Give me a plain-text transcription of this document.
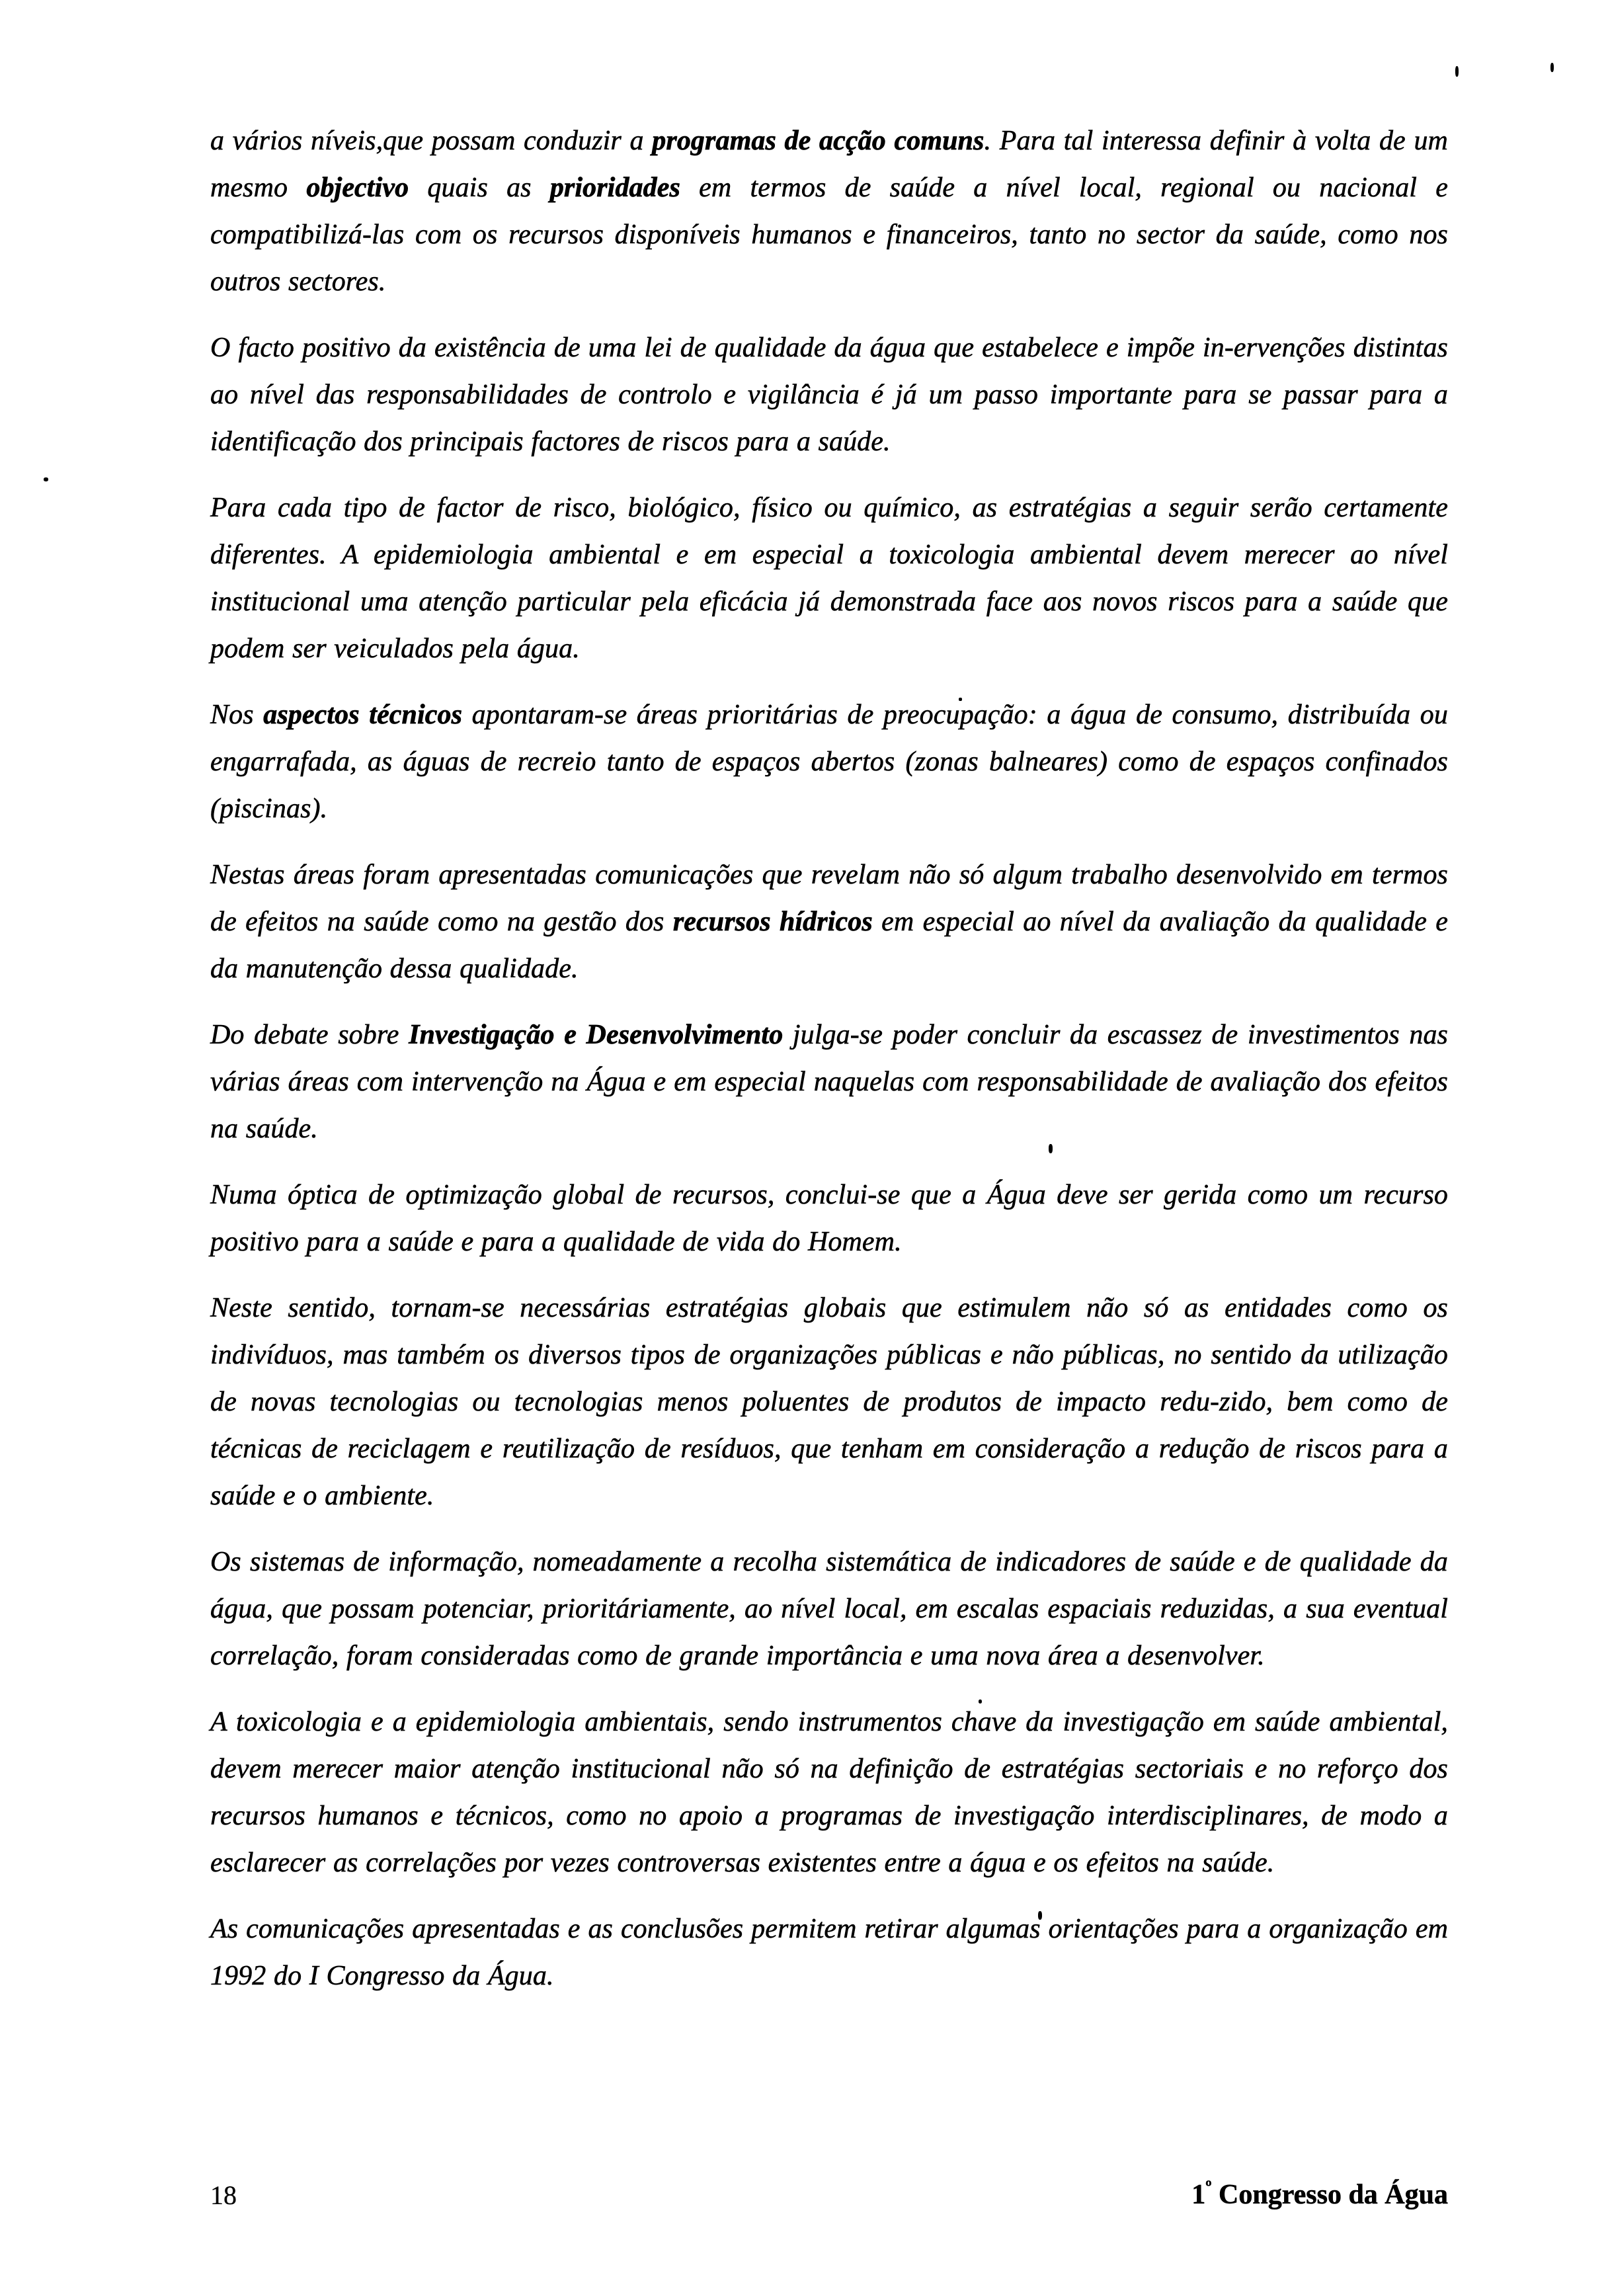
a vários níveis,que possam conduzir a programas de acção comuns. Para tal interessa definir à volta de um mesmo objectivo quais as prioridades em termos de saúde a nível local, regional ou nacional e compatibilizá-las com os recursos disponíveis humanos e financeiros, tanto no sector da saúde, como nos outros sectores.

O facto positivo da existência de uma lei de qualidade da água que estabelece e impõe in-ervenções distintas ao nível das responsabilidades de controlo e vigilância é já um passo importante para se passar para a identificação dos principais factores de riscos para a saúde.

Para cada tipo de factor de risco, biológico, físico ou químico, as estratégias a seguir serão certamente diferentes. A epidemiologia ambiental e em especial a toxicologia ambiental devem merecer ao nível institucional uma atenção particular pela eficácia já demonstrada face aos novos riscos para a saúde que podem ser veiculados pela água.

Nos aspectos técnicos apontaram-se áreas prioritárias de preocupação: a água de consumo, distribuída ou engarrafada, as águas de recreio tanto de espaços abertos (zonas balneares) como de espaços confinados (piscinas).

Nestas áreas foram apresentadas comunicações que revelam não só algum trabalho desenvolvido em termos de efeitos na saúde como na gestão dos recursos hídricos em especial ao nível da avaliação da qualidade e da manutenção dessa qualidade.

Do debate sobre Investigação e Desenvolvimento julga-se poder concluir da escassez de investimentos nas várias áreas com intervenção na Água e em especial naquelas com responsabilidade de avaliação dos efeitos na saúde.

Numa óptica de optimização global de recursos, conclui-se que a Água deve ser gerida como um recurso positivo para a saúde e para a qualidade de vida do Homem.

Neste sentido, tornam-se necessárias estratégias globais que estimulem não só as entidades como os indivíduos, mas também os diversos tipos de organizações públicas e não públicas, no sentido da utilização de novas tecnologias ou tecnologias menos poluentes de produtos de impacto redu-zido, bem como de técnicas de reciclagem e reutilização de resíduos, que tenham em consideração a redução de riscos para a saúde e o ambiente.

Os sistemas de informação, nomeadamente a recolha sistemática de indicadores de saúde e de qualidade da água, que possam potenciar, prioritáriamente, ao nível local, em escalas espaciais reduzidas, a sua eventual correlação, foram consideradas como de grande importância e uma nova área a desenvolver.

A toxicologia e a epidemiologia ambientais, sendo instrumentos chave da investigação em saúde ambiental, devem merecer maior atenção institucional não só na definição de estratégias sectoriais e no reforço dos recursos humanos e técnicos, como no apoio a programas de investigação interdisciplinares, de modo a esclarecer as correlações por vezes controversas existentes entre a água e os efeitos na saúde.

As comunicações apresentadas e as conclusões permitem retirar algumas orientações para a organização em 1992 do I Congresso da Água.

18	$1^º$ Congresso da Água
